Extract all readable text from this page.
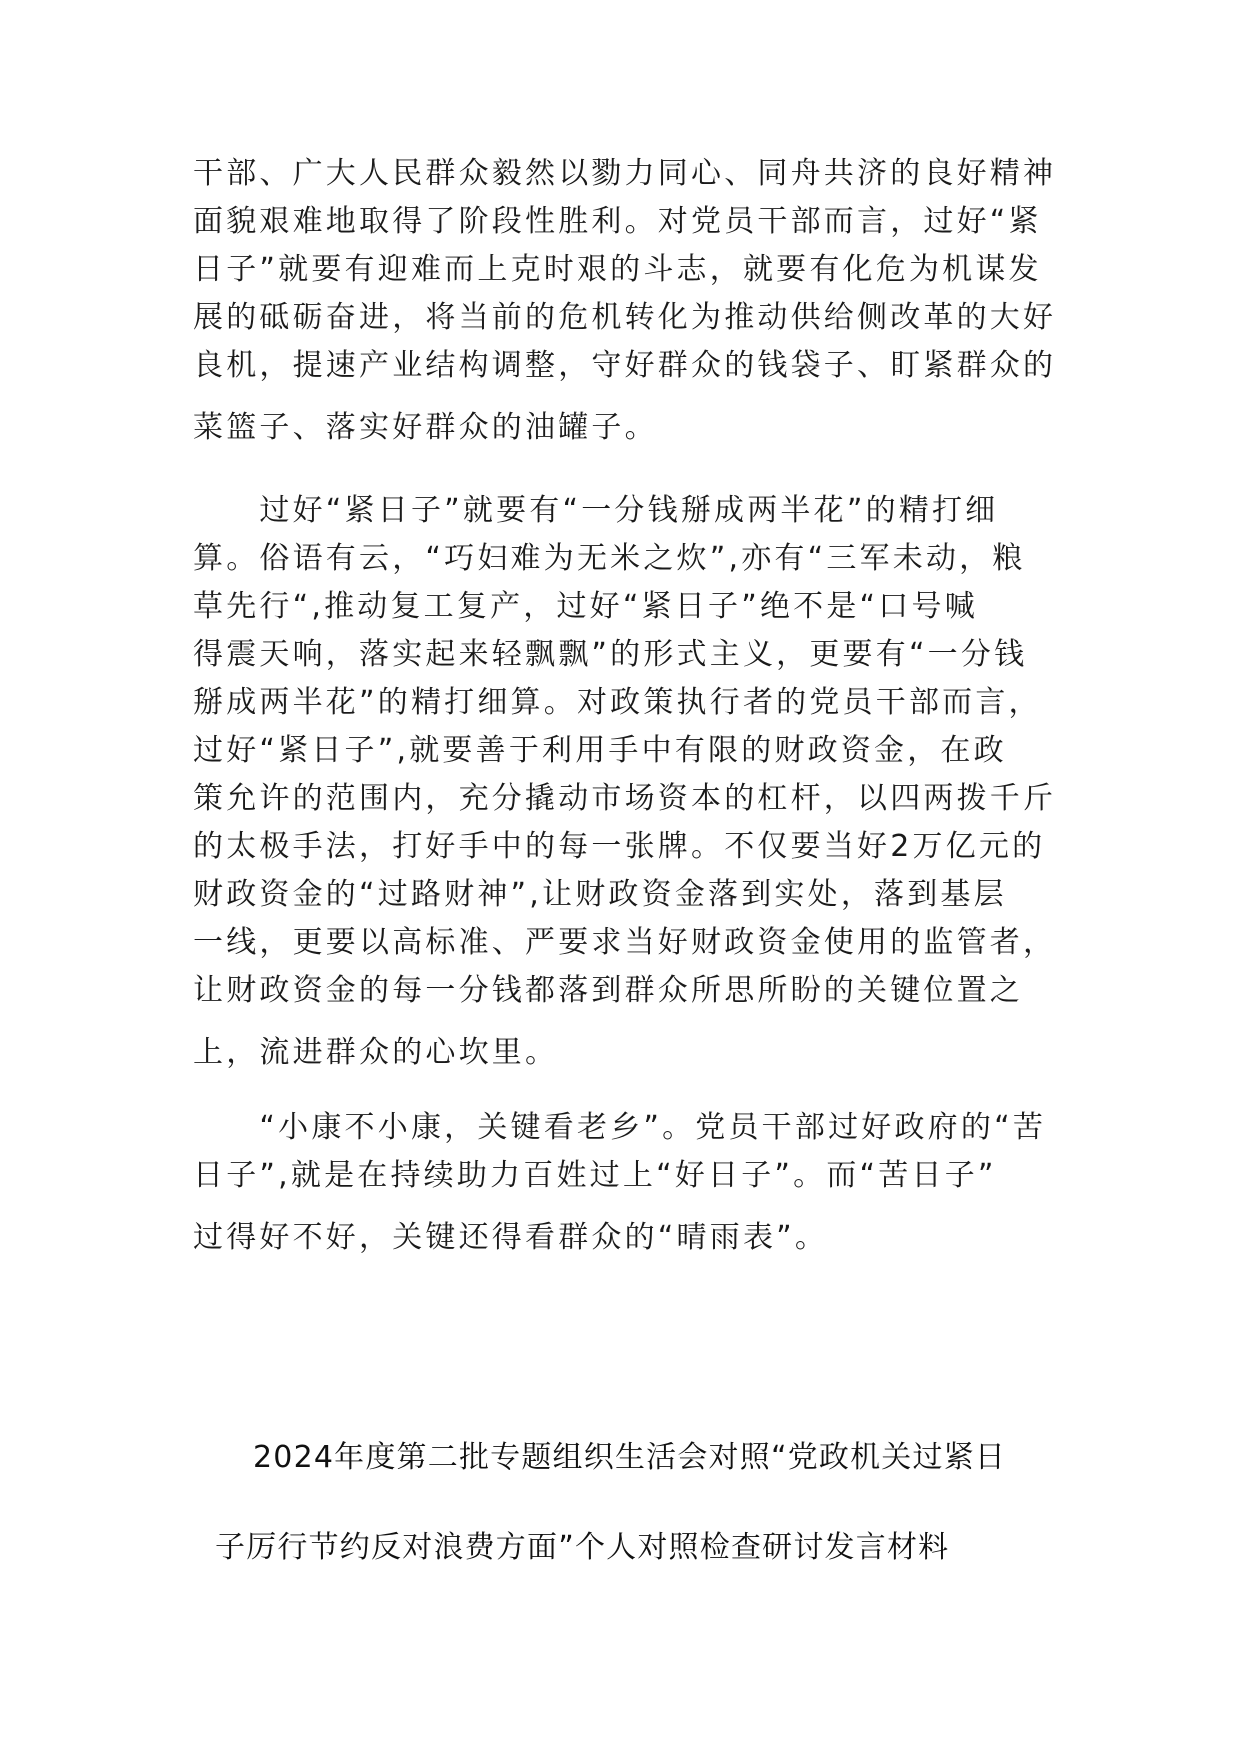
干部、广大人民群众毅然以勠力同心、同舟共济的良好精神
面貌艰难地取得了阶段性胜利。对党员干部而言，过好“紧
日子”就要有迎难而上克时艰的斗志，就要有化危为机谋发
展的砥砺奋进，将当前的危机转化为推动供给侧改革的大好
良机，提速产业结构调整，守好群众的钱袋子、盯紧群众的
菜篮子、落实好群众的油罐子。
　　过好“紧日子”就要有“一分钱掰成两半花”的精打细
算。俗语有云，“巧妇难为无米之炊”,亦有“三军未动，粮
草先行“,推动复工复产，过好“紧日子”绝不是“口号喊
得震天响，落实起来轻飘飘”的形式主义，更要有“一分钱
掰成两半花”的精打细算。对政策执行者的党员干部而言，
过好“紧日子”,就要善于利用手中有限的财政资金，在政
策允许的范围内，充分撬动市场资本的杠杆，以四两拨千斤
的太极手法，打好手中的每一张牌。不仅要当好2万亿元的
财政资金的“过路财神”,让财政资金落到实处，落到基层
一线，更要以高标准、严要求当好财政资金使用的监管者，
让财政资金的每一分钱都落到群众所思所盼的关键位置之
上，流进群众的心坎里。
　　“小康不小康，关键看老乡”。党员干部过好政府的“苦
日子”,就是在持续助力百姓过上“好日子”。而“苦日子”
过得好不好，关键还得看群众的“晴雨表”。
2024年度第二批专题组织生活会对照“党政机关过紧日
子厉行节约反对浪费方面”个人对照检查研讨发言材料
